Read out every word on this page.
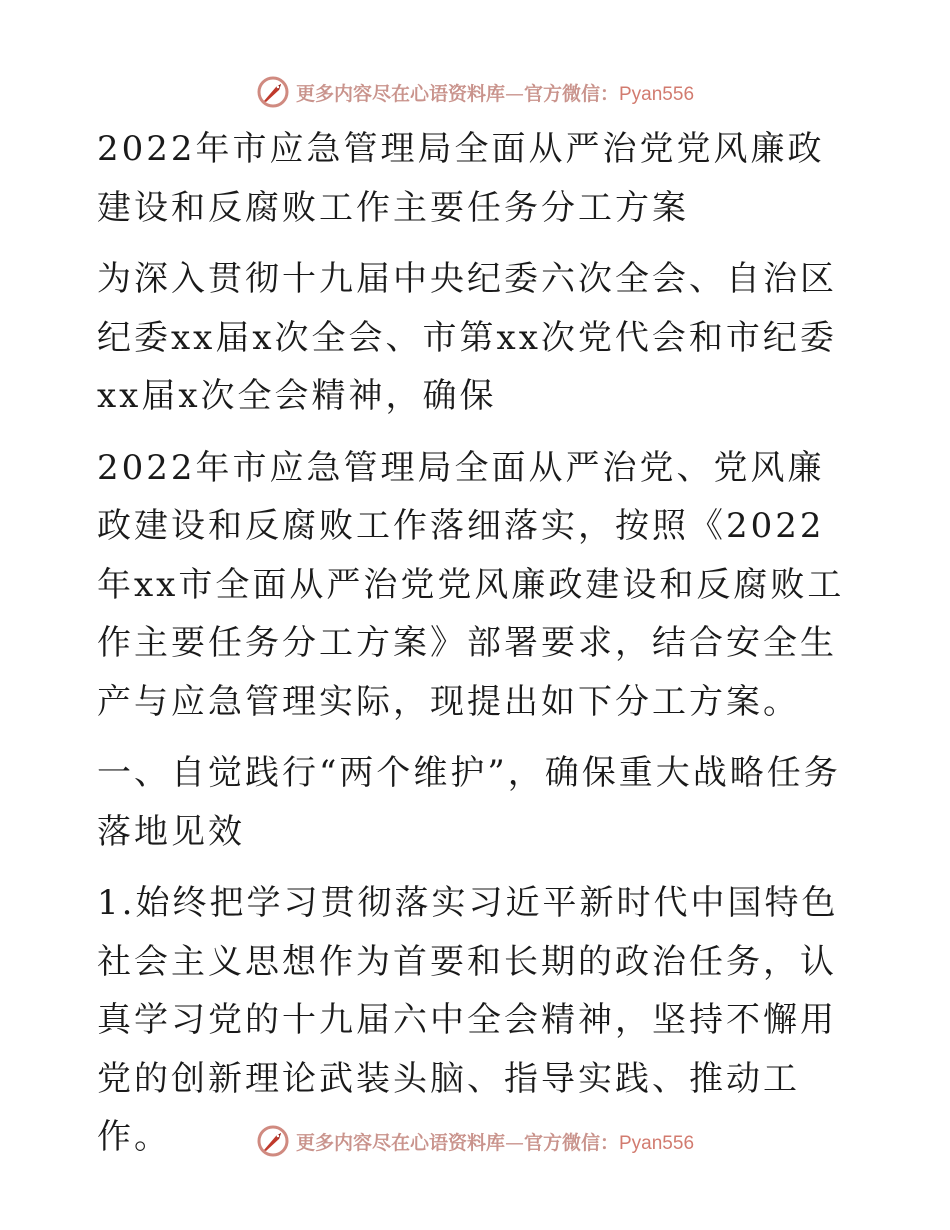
更多内容尽在心语资料库—官方微信：Pyan556

2022年市应急管理局全面从严治党党风廉政建设和反腐败工作主要任务分工方案

为深入贯彻十九届中央纪委六次全会、自治区纪委xx届x次全会、市第xx次党代会和市纪委xx届x次全会精神，确保

2022年市应急管理局全面从严治党、党风廉政建设和反腐败工作落细落实，按照《2022年xx市全面从严治党党风廉政建设和反腐败工作主要任务分工方案》部署要求，结合安全生产与应急管理实际，现提出如下分工方案。

一、自觉践行“两个维护”，确保重大战略任务落地见效

1.始终把学习贯彻落实习近平新时代中国特色社会主义思想作为首要和长期的政治任务，认真学习党的十九届六中全会精神，坚持不懈用党的创新理论武装头脑、指导实践、推动工作。	更多内容尽在心语资料库—官方微信：Pyan556
